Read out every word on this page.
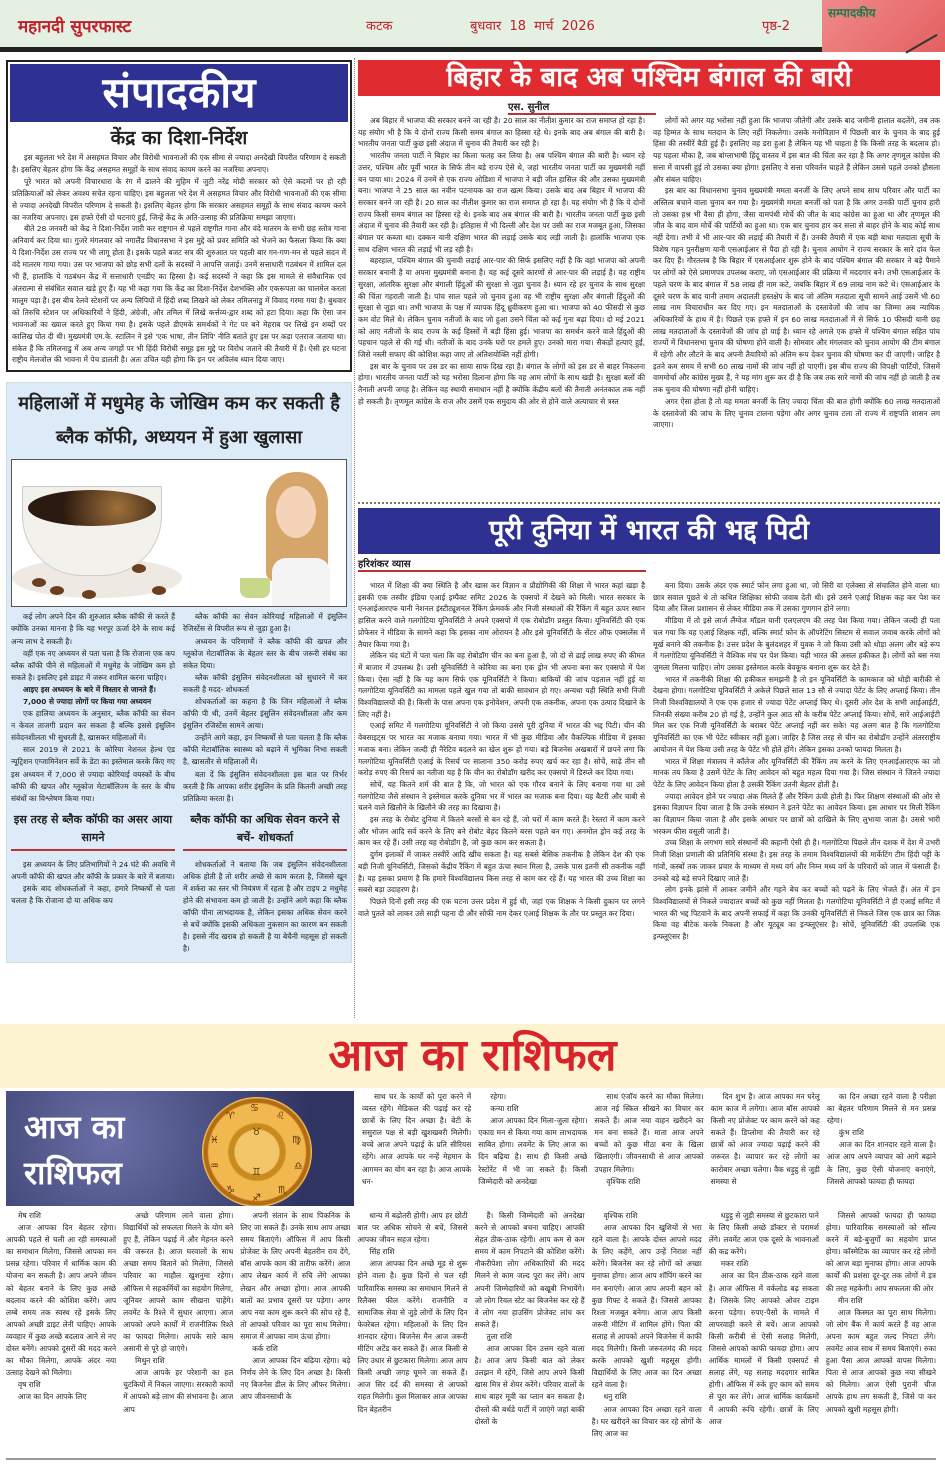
महानदी सुपरफास्ट	कटक	बुधवार 18 मार्च 2026	पृष्ठ-2
सम्पादकीय
संपादकीय
केंद्र का दिशा-निर्देश

इस बहुलता भरे देश में असहमत विचार और विरोधी भावनाओं की एक सीमा से ज्यादा अनदेखी विपरीत परिणाम दे सकती है। इसलिए बेहतर होगा कि केंद्र असहमत समूहों के साथ संवाद कायम करने का नजरिया अपनाए।

पूरे भारत को अपनी विचारधारा के रंग में ढालने की मुहिम में जुटी नरेंद्र मोदी सरकार को ऐसे कदमों पर हो रही प्रतिक्रियाओं को लेकर अवश्य सचेत रहना चाहिए। इस बहुलता भरे देश में असहमत विचार और विरोधी भावनाओं की एक सीमा से ज्यादा अनदेखी विपरीत परिणाम दे सकती है। इसलिए बेहतर होगा कि सरकार असहमत समूहों के साथ संवाद कायम करने का नजरिया अपनाए। इस हफ्ते ऐसी दो घटनाएं हुईं, जिन्हें केंद्र के अति-उत्साह की प्रतिक्रिया समझा जाएगा।

बीते 28 जनवरी को केंद्र ने दिशा-निर्देश जारी कर राष्ट्रगान से पहले राष्ट्रगीत गाना और वंदे मातरम के सभी छह स्तोत्र गाना अनिवार्य कर दिया था। गुजरे मंगलवार को नगालैंड विधानसभा ने इस मुद्दे को प्रवर समिति को भेजने का फैसला किया कि क्या ये दिशा-निर्देश उस राज्य पर भी लागू होता है। इसके पहले बजट सत्र की शुरुआत पर पहली बार गन-गण-मन से पहले सदन में वंदे मातरम गाया गया। उस पर भाजपा को छोड़ सभी दलों के सदस्यों ने आपत्ति जताई। उनमें सत्ताधारी गठबंधन में शामिल दल भी हैं, हालांकि ये गठबंधन केंद्र में सत्ताधारी एनडीए का हिस्सा है। कई सदस्यों ने कहा कि इस मामले से संवैधानिक एवं अंतरात्मा से संबंधित सवाल खड़े हुए हैं। यह भी कहा गया कि केंद्र का दिशा-निर्देश देशभक्ति और एकरूपता का घालमेल करता मालूम पड़ा है। इस बीच रेलवे स्टेशनों पर अन्य लिपियों में हिंदी शब्द लिखने को लेकर तमिलनाडु में विवाद गरमा गया है। बुधवार को तिरुचि स्टेशन पर अधिकारियों ने हिंदी, अंग्रेजी, और तमिल में लिखे कर्त्तव्य-द्वार शब्द को हटा दिया। कहा कि ऐसा जन भावनाओं का ख्याल करते हुए किया गया है। इसके पहले डीएमके समर्थकों ने गेट पर बने मेहराब पर लिखे इन शब्दों पर कालिख पोत दी थी। मुख्यमंत्री एम.के. स्टालिन ने इसे 'एक भाषा, तीन लिपि' नीति बताते हुए इस पर कड़ा एतराज जताया था। संकेत हैं कि तमिलनाडु में अब अन्य जगहों पर भी हिंदी विरोधी समूह इस मुद्दे पर विरोध जताने की तैयारी में हैं। ऐसी हर घटना राष्ट्रीय मेलजोल की भावना में पेच डालती है। अतः उचित यही होगा कि इन पर अविलंब ध्यान दिया जाए।

महिलाओं में मधुमेह के जोखिम कम कर सकती है ब्लैक कॉफी, अध्ययन में हुआ खुलासा

कई लोग अपने दिन की शुरुआत ब्लैक कॉफी से करते हैं क्योंकि उनका मानना है कि यह भरपूर ऊर्जा देने के साथ कई अन्य लाभ दे सकती है।

वहीं एक नए अध्ययन से पता चला है कि रोजाना एक कप ब्लैक कॉफी पीने से महिलाओं में मधुमेह के जोखिम कम हो सकते है। इसलिए इसे डाइट में जरूर शामिल करना चाहिए।

आइए इस अध्ययन के बारे में विस्तार से जानते हैं।

7,000 से ज्यादा लोगों पर किया गया अध्ययन

एक हालिया अध्ययन के अनुसार, ब्लैक कॉफी का सेवन न केवल ताजगी प्रदान कर सकता है बल्कि इससे इंसुलिन संवेदनशीलता भी सुधरती है, खासकर महिलाओं में।

साल 2019 से 2021 के कोरिया नेशनल हेल्थ एंड न्यूट्रिशन एग्जामिनेशन सर्वे के डेटा का इस्तेमाल करके किए गए इस अध्ययन में 7,000 से ज्यादा कोरियाई वयस्कों के बीच कॉफी की खपत और ग्लूकोज मेटाबॉलिज्म के स्तर के बीच संबंधों का विश्लेषण किया गया।

इस तरह से ब्लैक कॉफी का असर आया सामने

इस अध्ययन के लिए प्रतिभागियों ने 24 घंटे की अवधि में अपनी कॉफी की खपत और कॉफी के प्रकार के बारे में बताया।

इसके बाद शोधकर्ताओं ने कहा, हमारे निष्कर्षों से पता चलता है कि रोजाना दो या अधिक कप

ब्लैक कॉफी का सेवन कोरियाई महिलाओं में इंसुलिन रेजिस्टेंस से विपरीत रूप से जुड़ा हुआ है।

अध्ययन के परिणामों ने ब्लैक कॉफी की खपत और ग्लूकोज मेटाबॉलिक के बेहतर स्तर के बीच जरूरी संबंध का संकेत दिया।

ब्लैक कॉफी इंसुलिन संवेदनशीलता को सुधारने में कर सकती है मदद- शोधकर्ता

शोधकर्ताओं का कहना है कि जिन महिलाओं ने ब्लैक कॉफी पी थी, उनमें बेहतर इंसुलिन संवेदनशीलता और कम इंसुलिन रजिस्टेंस सामने आया।

उन्होंने आगे कहा, इन निष्कर्षों से पता चलता है कि ब्लैक कॉफी मेटाबॉलिक स्वास्थ्य को बढ़ाने में भूमिका निभा सकती है, खासतौर से महिलाओं में।

बता दें कि इंसुलिन संवेदनशीलता इस बात पर निर्भर करती है कि आपका शरीर इंसुलिन के प्रति कितनी अच्छी तरह प्रतिक्रिया करता है।

ब्लैक कॉफी का अधिक सेवन करने से बचें- शोधकर्ता

शोधकर्ताओं ने बताया कि जब इंसुलिन संवेदनशीलता अधिक होती है तो शरीर अच्छे से काम करता है, जिससे खून में शर्करा का स्तर भी नियंत्रण में रहता है और टाइप 2 मधुमेह होने की संभावना कम हो जाती है। उन्होंने आगे कहा कि ब्लैक कॉफी पीना लाभदायक है, लेकिन इसका अधिक सेवन करने से बचें क्योंकि इसकी अधिकता नुकसान का कारण बन सकती है। इससे नींद खराब हो सकती है या बेचैनी महसूस हो सकती है।

बिहार के बाद अब पश्चिम बंगाल की बारी
एस. सुनील

अब बिहार में भाजपा की सरकार बनने जा रही है। 20 साल का नीतीश कुमार का राज समाप्त हो रहा है। यह संयोग भी है कि ये दोनों राज्य किसी समय बंगाल का हिस्सा रहे थे। इनके बाद अब बंगाल की बारी है। भारतीय जनता पार्टी कुछ इसी अंदाज में चुनाव की तैयारी कर रही है।

भारतीय जनता पार्टी ने बिहार का किला फतह कर लिया है। अब पश्चिम बंगाल की बारी है। ध्यान रहे उत्तर, पश्चिम और पूर्वी भारत के सिर्फ तीन बड़े राज्य ऐसे थे, जहां भारतीय जनता पार्टी का मुख्यमंत्री नहीं बन पाया था। 2024 में उनमें से एक राज्य ओडिशा में भाजपा ने बड़ी जीत हासिल की और उसका मुख्यमंत्री बना। भाजपा ने 25 साल का नवीन पटनायक का राज खत्म किया। उसके बाद अब बिहार में भाजपा की सरकार बनने जा रही है। 20 साल का नीतीश कुमार का राज समाप्त हो रहा है। यह संयोग भी है कि ये दोनों राज्य किसी समय बंगाल का हिस्सा रहे थे। इनके बाद अब बंगाल की बारी है। भारतीय जनता पार्टी कुछ इसी अंदाज में चुनाव की तैयारी कर रही है। इतिहास में भी दिल्ली और देश पर उसी का राज मजबूत हुआ, जिसका बंगाल पर कब्जा था। दक्कन यानी दक्षिण भारत की लड़ाई उसके बाद लड़ी जाती है। हालांकि भाजपा एक साथ दक्षिण भारत की लड़ाई भी लड़ रही है।

बहरहाल, पश्चिम बंगाल की चुनावी लड़ाई आर-पार की सिर्फ इसलिए नहीं है कि वहां भाजपा को अपनी सरकार बनानी है या अपना मुख्यमंत्री बनाना है। यह कई दूसरे कारणों से आर-पार की लड़ाई है। यह राष्ट्रीय सुरक्षा, आंतरिक सुरक्षा और बंगाली हिंदुओं की सुरक्षा से जुड़ा चुनाव है। ध्यान रहे हर चुनाव के साथ सुरक्षा की चिंता गहराती जाती है। पांच साल पहले जो चुनाव हुआ वह भी राष्ट्रीय सुरक्षा और बंगाली हिंदुओं की सुरक्षा से जुड़ा था। तभी भाजपा के पक्ष में व्यापक हिंदू ध्रुवीकरण हुआ था। भाजपा को 40 फीसदी से कुछ कम वोट मिले थे। लेकिन चुनाव नतीजों के बाद जो हुआ उसने चिंता को कई गुना बढ़ा दिया। दो मई 2021 को आए नतीजों के बाद राज्य के कई हिस्सों में बड़ी हिंसा हुई। भाजपा का समर्थन करने वाले हिंदुओं की पहचान पहले से की गई थी। नतीजों के बाद उनके घरों पर हमले हुए। उनको मारा गया। सैकड़ों हत्याएं हुईं, जिसे नस्ली सफाए की कोशिश कहा जाए तो अतिशयोक्ति नहीं होगी।

इस बार के चुनाव पर उस डर का साया साफ दिख रहा है। बंगाल के लोगों को इस डर से बाहर निकलना होगा। भारतीय जनता पार्टी को यह भरोसा दिलाना होगा कि वह आम लोगों के साथ खड़ी है। सुरक्षा बलों की तैनाती अपनी जगह है। लेकिन वह स्थायी समाधान नहीं है क्योंकि केंद्रीय बलों की तैनाती अनंतकाल तक नहीं हो सकती है। तृणमूल कांग्रेस के राज और उसमें एक समुदाय की ओर से होने वाले अत्याचार से त्रस्त

लोगों को अगर यह भरोसा नहीं हुआ कि भाजपा जीतेगी और उसके बाद जमीनी हालात बदलेंगे, तब तक वह हिम्मत के साथ मतदान के लिए नहीं निकलेगा। उसके मनोविज्ञान में पिछली बार के चुनाव के बाद हुई हिंसा की तस्वीरें बैठी हुई हैं। इसलिए वह डरा हुआ है लेकिन यह भी चाहता है कि किसी तरह के बदलाव हो। यह पहला मौका है, जब बांग्लाभाषी हिंदू वास्तव में इस बात की चिंता कर रहा है कि अगर तृणमूल कांग्रेस की सत्ता में वापसी हुई तो उसका क्या होगा! इसलिए वे सत्ता परिवर्तन चाहते हैं लेकिन उससे पहले उनको हौसला और संबल चाहिए।

इस बार का विधानसभा चुनाव मुख्यमंत्री ममता बनर्जी के लिए अपने साथ साथ परिवार और पार्टी का अस्तित्व बचाने वाला चुनाव बन गया है। मुख्यमंत्री ममता बनर्जी को पता है कि अगर उनकी पार्टी चुनाव हारी तो उसका हश्र भी वैसा ही होगा, जैसा वामपंथी मोर्चे की जीत के बाद कांग्रेस का हुआ था और तृणमूल की जीत के बाद वाम मोर्चे की पार्टियों का हुआ था। एक बार चुनाव हार कर सत्ता से बाहर होने के बाद कोई साथ नहीं देगा। तभी वे भी आर-पार की लड़ाई की तैयारी में हैं। उनकी तैयारी में एक बड़ी बाधा मतदाता सूची के विशेष गहन पुनरीक्षण यानी एसआईआर से पैदा हो रही है। चुनाव आयोग ने राज्य सरकार के सारे दांव फेल कर दिए हैं। गौरतलब है कि बिहार में एसआईआर शुरू होने के बाद पश्चिम बंगाल की सरकार ने बड़े पैमाने पर लोगों को ऐसे प्रमाणपत्र उपलब्ध कराए, जो एसआईआर की प्रक्रिया में मददगार बने। तभी एसआईआर के पहले चरण के बाद बंगाल में 58 लाख ही नाम कटे, जबकि बिहार में 69 लाख नाम कटे थे। एसआईआर के दूसरे चरण के बाद यानी तमाम अदालती हस्तक्षेप के बाद जो अंतिम मतदाता सूची सामने आई उसमें भी 60 लाख नाम विचाराधीन कर दिए गए। इन मतदाताओं के दस्तावेजों की जांच का जिम्मा अब न्यायिक अधिकारियों के हाथ में है। पिछले एक हफ्ते में इन 60 लाख मतदाताओं में से सिर्फ 10 फीसदी यानी छह लाख मतदाताओं के दस्तावेजों की जांच हो पाई है। ध्यान रहे अगले एक हफ्ते में पश्चिम बंगाल सहित पांच राज्यों में विधानसभा चुनाव की घोषणा होने वाली है। सोमवार और मंगलवार को चुनाव आयोग की टीम बंगाल में रहेगी और लौटने के बाद अपनी तैयारियों को अंतिम रूप देकर चुनाव की घोषणा कर दी जाएगी। जाहिर है इतने कम समय में सभी 60 लाख नामों की जांच नहीं हो पाएगी। इस बीच राज्य की विपक्षी पार्टियों, जिसमें वाममोर्चा और कांग्रेस मुख्य हैं, ने यह मांग शुरू कर दी है कि जब तक सारे नामों की जांच नहीं हो जाती है तब तक चुनाव की घोषणा नहीं होनी चाहिए।

अगर ऐसा होता है तो यह ममता बनर्जी के लिए ज्यादा चिंता की बात होगी क्योंकि 60 लाख मतदाताओं के दस्तावेजों की जांच के लिए चुनाव टालना पड़ेगा और अगर चुनाव टला तो राज्य में राष्ट्रपति शासन लग जाएगा।

पूरी दुनिया में भारत की भद्द पिटी
हरिशंकर व्यास

भारत में शिक्षा की क्या स्थिति है और खास कर विज्ञान व प्रौद्योगिकी की शिक्षा में भारत कहां खड़ा है इसकी एक तस्वीर इंडिया एआई इम्पैक्ट समिट 2026 के एक्सपो में देखने को मिली। भारत सरकार के एनआईआरएफ यानी नेशनल इंस्टीट्यूशनल रैंकिंग फ्रेमवर्क और निजी संस्थाओं की रैंकिंग में बहुत ऊपर स्थान हासिल करने वाले गलगोटिया यूनिवर्सिटी ने अपने एक्सपो में एक रोबोडॉग प्रस्तुत किया। यूनिवर्सिटी की एक प्रोफेसर ने मीडिया के सामने कहा कि इसका नाम ओरायन है और इसे यूनिवर्सिटी के सेंटर ऑफ एक्सलेंस में तैयार किया गया है।

लेकिन चंद घंटों में पता चला कि वह रोबोडॉग चीन का बना हुआ है, जो दो से ढाई लाख रुपए की कीमत में बाजार में उपलब्ध है। उसी यूनिवर्सिटी ने कोरिया का बना एक ड्रोन भी अपना बना कर एक्सपो में पेश किया। ऐसा नहीं है कि यह काम सिर्फ एक यूनिवर्सिटी ने किया। बाकियों की जांच पड़ताल नहीं हुई या गलगोटिया यूनिवर्सिटी का मामला पहले खुल गया तो बाकी सावधान हो गए। अन्यथा यही स्थिति सभी निजी विश्वविद्यालयों की है। किसी के पास अपना एक इनोवेशन, अपनी एक तकनीक, अपना एक उत्पाद दिखाने के लिए नहीं है।

एआई समिट में गलगोटिया यूनिवर्सिटी ने जो किया उससे पूरी दुनिया में भारत की भद्द पिटी। चीन की वेबसाइट्स पर भारत का मजाक बनाया गया। भारत में भी कुछ मीडिया और वैकल्पिक मीडिया में इसका मजाक बना। लेकिन जल्दी ही नैरेटिव बदलने का खेल शुरू हो गया। बड़े बिजनेस अखबारों में छपने लगा कि गलगोटिया यूनिवर्सिटी एआई के रिसर्च पर सालाना 350 करोड़ रुपए खर्च कर रहा है। सोचें, साढ़े तीन सौ करोड़ रुपए की रिसर्च का नतीजा यह है कि चीन का रोबोडॉग खरीद कर एक्सपो में डिस्प्ले कर दिया गया।

सोचें, यह कितने शर्म की बात है कि, जो भारत को एक गौरव बनाने के लिए बनाया गया था उसे गलगोटिया जैसे संस्थान ने इस्तेमाल करके दुनिया भर में भारत का मजाक बना दिया। यह बैटरी और चाबी से चलने वाले खिलौने के खिलौने की तरह का दिखावा है।

इस तरह के रोबोट दुनिया में कितने बरसों से बन रहे हैं, जो घरों में काम करते हैं। रेस्तरां में काम करने और भोजन आदि सर्व करने के लिए बने रोबोट बेहद कितने बरस पहले बन गए। अनमोल ड्रोन कई तरह के काम कर रहे हैं। उसी तरह यह रोबोडॉग है, जो कुछ काम कर सकता है।

दुर्गम इलाकों में जाकर तस्वीरें आदि खींच सकता है। यह सबसे बेसिक तकनीक है लेकिन देश की एक बड़ी निजी यूनिवर्सिटी, जिसको केंद्रीय रैंकिंग में बहुत ऊंचा स्थान मिला है, उसके पास इतनी सी तकनीक नहीं है। यह इसका प्रमाण है कि हमारे विश्वविद्यालय किस तरह से काम कर रहे हैं। यह भारत की उच्च शिक्षा का सबसे बड़ा उदाहरण है।

पिछले दिनों इसी तरह की एक घटना उत्तर प्रदेश में हुई थी, जहां एक शिक्षक ने किसी दुकान पर लगने वाले पुतले को लाकर उसे साड़ी पहना दी और सोफी नाम देकर एआई शिक्षक के तौर पर प्रस्तुत कर दिया।

बना दिया। उसके अंदर एक स्मार्ट फोन लगा हुआ था, जो सिरी या एलेक्सा से संचालित होने वाला था। छात्र सवाल पूछते थे तो कथित शिक्षिका सोफी जवाब देती थी। इसे उसने एआई शिक्षक कह कर पेश कर दिया और जिला प्रशासन से लेकर मीडिया तक में उसका गुणगान होने लगा।

मीडिया में तो इसे लार्ज लैंग्वेज मॉडल यानी एलएलएम की तरह पेश किया गया। लेकिन जल्दी ही पता चल गया कि यह एआई शिक्षक नहीं, बल्कि स्मार्ट फोन के ऑपरेटिंग सिस्टम से सवाल जवाब करके लोगों को मूर्ख बनाने की तकनीक है। उत्तर प्रदेश के बुलंदशहर में युवक ने जो किया उसी को थोड़ा अलग और बड़े रूप में गलगोटिया यूनिवर्सिटी ने वैश्विक मंच पर पेश किया। यही भारत की असल हकीकत है। लोगों को बस नया जुमला मिलना चाहिए। लोग उसका इस्तेमाल करके बेवकूफ बनाना शुरू कर देते हैं।

भारत में तकनीकी शिक्षा की हकीकत समझनी है तो इन यूनिवर्सिटी के कामकाज को थोड़ी बारीकी से देखना होगा। गलगोटिया यूनिवर्सिटी ने अकेले पिछले साल 13 सौ से ज्यादा पेटेंट के लिए अप्लाई किया। तीन निजी विश्वविद्यालयों ने एक एक हजार से ज्यादा पेटेंट अप्लाई किए थे। दूसरी ओर देश के सभी आईआईटी, जिनकी संख्या करीब 20 हो गई है, उन्होंने कुल आठ सौ के करीब पेटेंट अप्लाई किया। सोचें, सारे आईआईटी मिल कर एक निजी यूनिवर्सिटी के बराबर पेटेंट अप्लाई नहीं कर सके! यह अलग बात है कि गलगोटिया यूनिवर्सिटी का एक भी पेटेंट स्वीकार नहीं हुआ। जाहिर है जिस तरह से चीन का रोबोडॉग उन्होंने अंतरराष्ट्रीय आयोजन में पेश किया उसी तरह के पेटेंट भी होते होंगे। लेकिन इसका उनको फायदा मिलता है।

भारत में शिक्षा मंत्रालय ने कॉलेज और यूनिवर्सिटी की रैंकिंग तय करने के लिए एनआईआरएफ का जो मानक तय किया है उसमें पेटेंट के लिए आवेदन को बहुत महत्व दिया गया है। जिस संस्थान ने जितने ज्यादा पेटेंट के लिए आवेदन किया होता है उसकी रैंकिंग उतनी बेहतर होती है।

ज्यादा आवेदन होने पर ज्यादा अंक मिलते हैं और रैंकिंग ऊंची होती है। फिर शिक्षण संस्थाओं की ओर से इसका विज्ञापन दिया जाता है कि उनके संस्थान ने इतने पेटेंट का आवेदन किया। इस आधार पर मिली रैंकिंग का विज्ञापन किया जाता है और इसके आधार पर छात्रों को दाखिले के लिए लुभाया जाता है। उससे भारी भरकम फीस वसूली जाती है।

उच्च शिक्षा के लगभग सारे संस्थानों की कहानी ऐसी ही है। गलगोटिया पिछले तीन दशक में देश में उभरी निजी शिक्षा प्रणाली की प्रतिनिधि संस्था है। इस तरह के तमाम विश्वविद्यालयों की मार्केटिंग टीम हिंदी पट्टी के गांवों, कस्बों तक जाकर प्रचार के माध्यम से मध्य वर्ग और निम्न मध्य वर्ग के परिवारों को जाल में फंसाती हैं। उनको बड़े बड़े सपने दिखाए जाते हैं।

लोग इनके झांसे में आकर जमीनें और गहने बेच कर बच्चों को पढ़ने के लिए भेजते हैं। अंत में इन विश्वविद्यालयों से निकले ज्यादातर बच्चों को कुछ नहीं मिलता है। गलगोटिया यूनिवर्सिटी ने ही एआई समिट में भारत की भद्द पिटवाने के बाद अपनी सफाई में कहा कि उनकी यूनिवर्सिटी से निकले जिस एक छात्र का जिक्र किया वह बीटेक करके निकला है और यूट्यूब का इन्फ्लूएंसर है। सोचें, यूनिवर्सिटी की उपलब्धि एक इन्फ्लूएंसर है!

आज का राशिफल
आज का
राशिफल
♋
♌
♍
♎
♏
♐
♑
♒
♓
♈
♉
♊

साथ घर के कार्यों को पूरा करने में व्यस्त रहेंगे। मेडिकल की पढ़ाई कर रहे छात्रों के लिए दिन अच्छा है। बेटी के ससुराल पक्ष से बड़ी खुशखबरी मिलेगी। बच्चे आज अपने पढ़ाई के प्रति सीरियस रहेंगे। आज आपके घर नन्हें मेहमान के आगमन का योग बन रहा है। आज आपके धन-

रहेगा।

कन्या राशि

आज आपका दिन मिला-जुला रहेगा। एकाग्र मन से किया गया काम लाभदायक साबित होगा। लवमेंट के लिए आज का दिन बढ़िया है। साथ ही किसी अच्छे रेस्टोरेंट में भी जा सकते हैं। किसी जिम्मेदारी को अनदेखा

साथ एंजॉय करने का मौका मिलेगा। आज नई स्किल सीखने का विचार कर सकते हैं। आज नया वाहन खरीदने का मन बना सकते हैं। माता आज अपने बच्चों को कुछ मीठा बना के खिला खिलाएंगी। जीवनसाथी से आज आपको उपहार मिलेगा।

वृश्चिक राशि

दिन शुभ है। आज आपका मन घरेलू काम काज में लगेगा। आज बॉस आपको किसी नए प्रोजेक्ट पर काम करने को कह सकते हैं। डिप्लोमा की तैयारी कर रहे छात्रों को आज ज्यादा पढ़ाई करने की जरूरत है। व्यापार कर रहे लोगों का कारोबार अच्छा चलेगा। वैक धड़ुट्ठ से जुड़ी समस्या से

का दिन अच्छा रहने वाला है परीक्षा का बेहतर परिणाम मिलने से मन प्रसन्न रहेगा।

कुंभ राशि

आज का दिन शानदार रहने वाला है। आज आप अपने व्यापार को आगे बढ़ाने के लिए, कुछ ऐसी योजनाएं बनाएंगे, जिससे आपको फायदा ही फायदा

मेष राशि

आज आपका दिन बेहतर रहेगा। आपकी पहले से चली आ रही समस्याओं का समाधान मिलेगा, जिससे आपका मन प्रसन्न रहेगा। परिवार में धार्मिक काम की योजना बन सकती है। आप अपने जीवन को बेहतर बनाने के लिए कुछ अच्छे बदलाव करने की कोशिश करेंगे। आप लम्बे समय तक स्वस्थ रहें इसके लिए आपको अच्छी डाइट लेनी चाहिए। आपके व्यवहार में कुछ अच्छे बदलाव आने से नए दोस्त बनेंगे। आपको दूसरों की मदद करने का मौका मिलेगा, आपके अंदर नया उत्साह देखने को मिलेगा।

वृष राशि

आज का दिन आपके लिए

अच्छे परिणाम लाने वाला होगा। विद्यार्थियों को सफलता मिलने के योग बने हुए हैं, लेकिन पढ़ाई में और मेहनत करने की जरूरत है। आज घरवालों के साथ अच्छा समय बिताने को मिलेगा, जिससे परिवार का माहौल खुशनुमा रहेगा। ऑफिस मे सहकर्मियों का सहयोग मिलेगा, जूनियर आपसे काम सीखना चाहेंगे। लवमेंट के रिश्ते में सुधार आएगा। आज आपको अपने कार्यों में राजनीतिक रिश्ते का फायदा मिलेगा। आपके सारे काम असानी से पूरे हो जाएंगे।

मिथुन राशि

आज आपके हर परेशानी का हल चुटकियों में निकल जाएगा। सरकारी कार्यों में आपको बड़े लाभ की संभावना है। आज आप

अपनी संतान के साथ पिकनिक के लिए जा सकते हैं। उनके साथ आप अच्छा समय बिताएंगे। ऑफिस में आप किसी प्रोजेक्ट के लिए अपनी बेहतरीन राय देंगे, बॉस आपके काम की तारीफ करेंगे। आज आप लेखन कार्य में रुचि लेंगे आपका लेखन और अच्छा होगा। आज आपकी बातों का प्रभाव दूसरों पर पड़ेगा। अगर आप नया काम शुरू करने की सोच रहे हैं, तो आपको परिवार का पूरा साथ मिलेगा। समाज में आपका नाम ऊंचा होगा।

कर्क राशि

आज आपका दिन बढ़िया रहेगा। बड़े निर्णय लेने के लिए दिन अच्छा है। किसी नए बिजनेस डील के लिए ऑफर मिलेगा। आप जीवनसाथी के

धान्य में बढ़ोतरी होगी। आप हर छोटी बात पर अधिक सोचने से बचें, जिससे आपका जीवन सहज रहेगा।

सिंह राशि

आज आपका दिन अच्छे मूड से शुरू होने वाला है। कुछ दिनों से चल रही पारिवारिक समस्या का समाधान मिलने से रिलैक्स फील करेंगे। राजनीति व सामाजिक सेवा से जुड़े लोगों के लिए दिन फेवरेबल रहेगा। महिलाओं के लिए दिन शानदार रहेगा। बिजनेस मैन आज जरूरी मीटिंग अटेंड कर सकते हैं। आज किसी से लिए उधार से छुटकारा मिलेगा। आज आप किसी अच्छी जगह घूमने जा सकते हैं। आज सिर दर्द की समस्या से आपको राहत मिलेगी। कुल मिलाकर आज आपका दिन बेहतरीन

हैं। किसी जिम्मेदारी को अनदेखा करने से आपको बचना चाहिए। आपकी सेहत ठीक-ठाक रहेगी। आप कम से कम समय में काम निपटाने की कोशिश करेंगे। नौकरीपेशा लोग अधिकारियों की मदद मिलने से काम जल्द पूरा कर लेंगे। आप अपनी जिम्मेदारियों को बखूबी निभायेंगे। जो लोग रियल स्टेट का बिजनेस कर रहे हैं वे लोग नया हाउसिंग प्रोजेक्ट लांच कर सकते हैं।

तुला राशि

आज आपका दिन उत्तम रहने वाला है। आज आप किसी बात को लेकर उलझन में रहेंगे, जिसे आप अपने किसी खास मित्र से शेयर करेंगे। परिवार वालों के साथ बाहर मूवी का प्लान बन सकता है। दोस्तों की बर्थडे पार्टी में जाएंगे जहां बाकी दोस्तों के

वृश्चिक राशि

आज आपका दिन खुशियों से भरा रहने वाला है। आपके दोस्त आपसे मदद के लिए कहेंगे, आप उन्हें निराश नहीं करेंगे। बिजनेस कर रहे लोगों को अच्छा मुनाफा होगा। आज आप शॉपिंग करने का मन बनाएंगे। आज आप अपनी बहन को कुछ गिफ्ट दे सकते हैं। जिससे आपका रिश्ता मजबूत बनेगा। आज आप किसी जरूरी मीटिंग में शामिल होंगे। पिता की सलाह से आपको अपने बिजनेस में काफी मदद मिलेगी। किसी जरूरतमंद की मदद करके आपको खुशी महसूस होगी। विद्यार्थियों के लिए आज का दिन अच्छा रहने वाला है।

धनु राशि

आज आपका दिन अच्छा रहने वाला है। घर खरीदने का विचार कर रहे लोगों के लिए आज का

धड़ुट्ठ से जुड़ी समस्या से छुटकारा पाने के लिए किसी अच्छे डॉक्टर से परामर्श लेंगे। लवमेंट आज एक दूसरे के भावनाओं की कद्र करेंगे।

मकर राशि

आज का दिन ठीक-ठाक रहने वाला है। आज ऑफिस में वर्कलोड बढ़ सकता है। जिसके लिए आपको ओवर टाइम करना पड़ेगा। रुपए-पैसों के मामले में लापरवाही करने से बचें। आज आपको किसी करीबी से ऐसी सलाह मिलेगी, जिससे आपको काफी फायदा होगा। आप आर्थिक मामलों में किसी एक्सपर्ट से सलाह लेंगे, यह सलाह मददगार साबित होगी। ऑफिस में रुके हुए काम को समय से पूरा कर लेंगे। आज धार्मिक कार्यक्रमों में आपकी रूचि रहेगी। छात्रों के लिए आज

जिससे आपको फायदा ही फायदा होगा। पारिवारिक समस्याओं को सॉल्व करने में बड़े-बुजुर्गों का सहयोग प्राप्त होगा। कॉस्मेटिक का व्यापार कर रहे लोगों को आज बड़ा मुनाफा होगा। आज आपके कार्यों की प्रशंसा दूर-दूर तक लोगों में इत्र की तरह महकेगी। आप सफलता की ओर

मीन राशि

आज किस्मत का पूरा साथ मिलेगा। जो लोग बैंक में कार्य करते हैं वह आज अपना काम बहुत जल्द निपटा लेंगे। लवमेंट आज साथ में समय बिताएंगे। रुका हुआ पैसा आज आपको वापस मिलेगा। पिता से आज आपको कुछ नया सीखने को मिलेगा। आज ऐसी पुरानी चीज आपके हाथ लग सकती है, जिसे पा कर आपको खुशी महसूस होगी।
